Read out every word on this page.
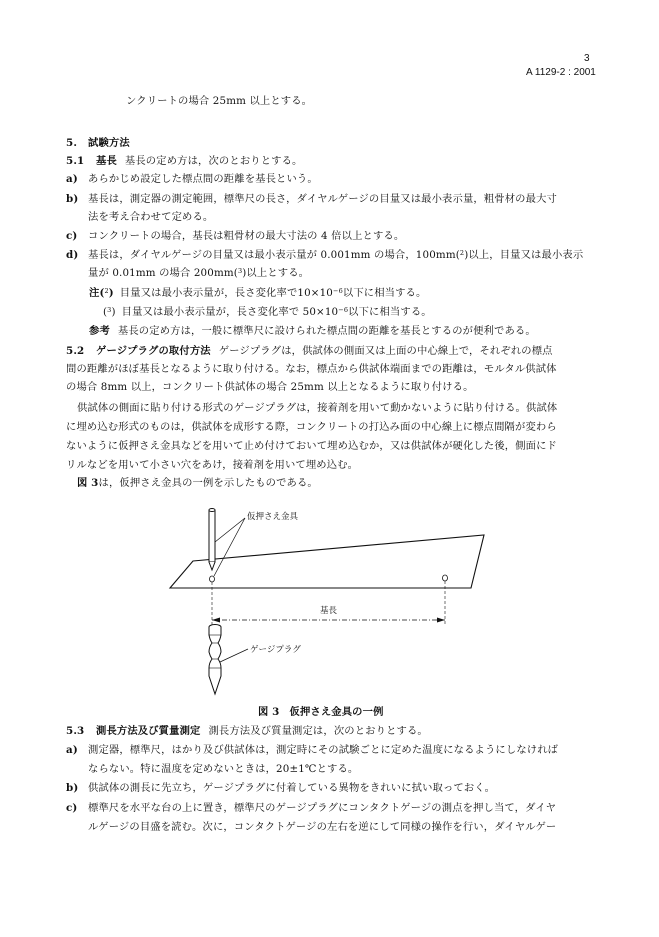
3
A 1129-2 : 2001
ンクリートの場合 25mm 以上とする。
5. 試験方法
5.1 基長 基長の定め方は，次のとおりとする。
a) あらかじめ設定した標点間の距離を基長という。
b) 基長は，測定器の測定範囲，標準尺の長さ，ダイヤルゲージの目量又は最小表示量，粗骨材の最大寸
法を考え合わせて定める。
c) コンクリートの場合，基長は粗骨材の最大寸法の 4 倍以上とする。
d) 基長は，ダイヤルゲージの目量又は最小表示量が 0.001mm の場合，100mm($^2$)以上，目量又は最小表示
量が 0.01mm の場合 200mm($^3$)以上とする。
注($^2$) 目量又は最小表示量が，長さ変化率で$10\times 10^{-6}$以下に相当する。
($^3$) 目量又は最小表示量が，長さ変化率で $50\times 10^{-6}$以下に相当する。
参考 基長の定め方は，一般に標準尺に設けられた標点間の距離を基長とするのが便利である。
5.2 ゲージプラグの取付方法 ゲージプラグは，供試体の側面又は上面の中心線上で，それぞれの標点
間の距離がほぼ基長となるように取り付ける。なお，標点から供試体端面までの距離は，モルタル供試体
の場合 8mm 以上，コンクリート供試体の場合 25mm 以上となるように取り付ける。
供試体の側面に貼り付ける形式のゲージプラグは，接着剤を用いて動かないように貼り付ける。供試体
に埋め込む形式のものは，供試体を成形する際，コンクリートの打込み面の中心線上に標点間隔が変わら
ないように仮押さえ金具などを用いて止め付けておいて埋め込むか，又は供試体が硬化した後，側面にド
リルなどを用いて小さい穴をあけ，接着剤を用いて埋め込む。
図 3は，仮押さえ金具の一例を示したものである。
仮押さえ金具
基長
ゲージプラグ
図 3 仮押さえ金具の一例
5.3 測長方法及び質量測定 測長方法及び質量測定は，次のとおりとする。
a) 測定器，標準尺，はかり及び供試体は，測定時にその試験ごとに定めた温度になるようにしなければ
ならない。特に温度を定めないときは，20±1℃とする。
b) 供試体の測長に先立ち，ゲージプラグに付着している異物をきれいに拭い取っておく。
c) 標準尺を水平な台の上に置き，標準尺のゲージプラグにコンタクトゲージの測点を押し当て，ダイヤ
ルゲージの目盛を読む。次に，コンタクトゲージの左右を逆にして同様の操作を行い，ダイヤルゲー
